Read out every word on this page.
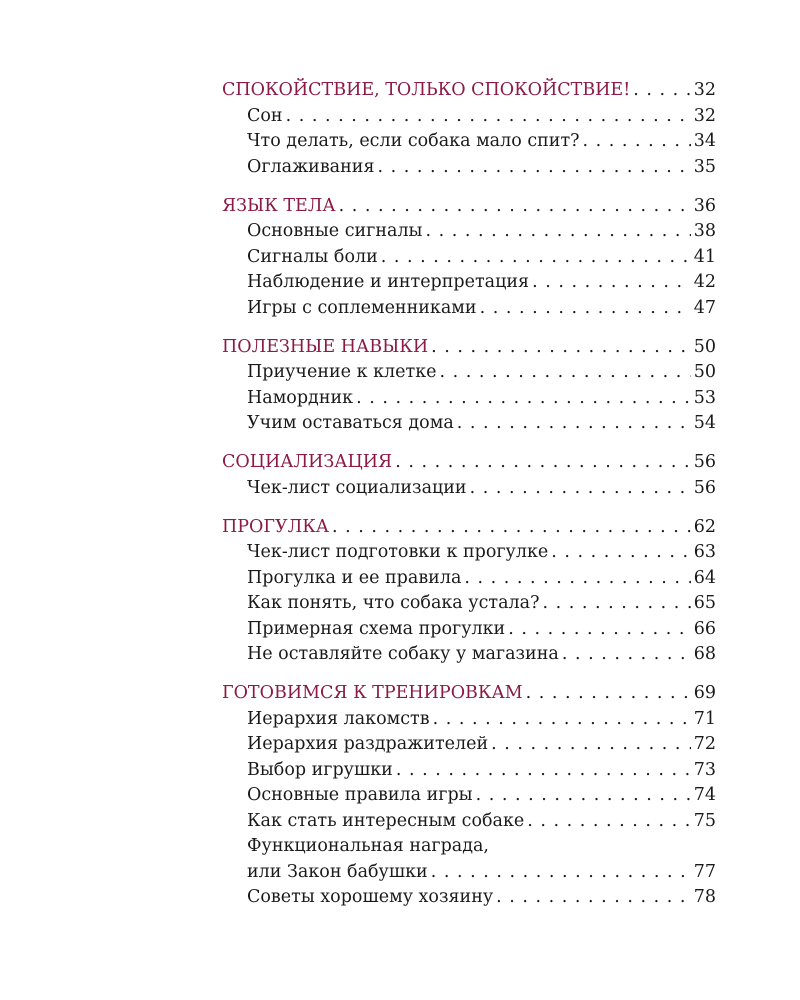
СПОКОЙСТВИЕ, ТОЛЬКО СПОКОЙСТВИЕ! . . .	32
Сон . . .	32
Что делать, если собака мало спит? . . .	34
Оглаживания . . .	35
ЯЗЫК ТЕЛА . . .	36
Основные сигналы . . .	38
Сигналы боли . . .	41
Наблюдение и интерпретация . . .	42
Игры с соплеменниками . . .	47
ПОЛЕЗНЫЕ НАВЫКИ . . .	50
Приучение к клетке . . .	50
Намордник . . .	53
Учим оставаться дома . . .	54
СОЦИАЛИЗАЦИЯ . . .	56
Чек-лист социализации . . .	56
ПРОГУЛКА . . .	62
Чек-лист подготовки к прогулке . . .	63
Прогулка и ее правила . . .	64
Как понять, что собака устала? . . .	65
Примерная схема прогулки . . .	66
Не оставляйте собаку у магазина . . .	68
ГОТОВИМСЯ К ТРЕНИРОВКАМ . . .	69
Иерархия лакомств . . .	71
Иерархия раздражителей . . .	72
Выбор игрушки . . .	73
Основные правила игры . . .	74
Как стать интересным собаке . . .	75
Функциональная награда,
или Закон бабушки . . .	77
Советы хорошему хозяину . . .	78
